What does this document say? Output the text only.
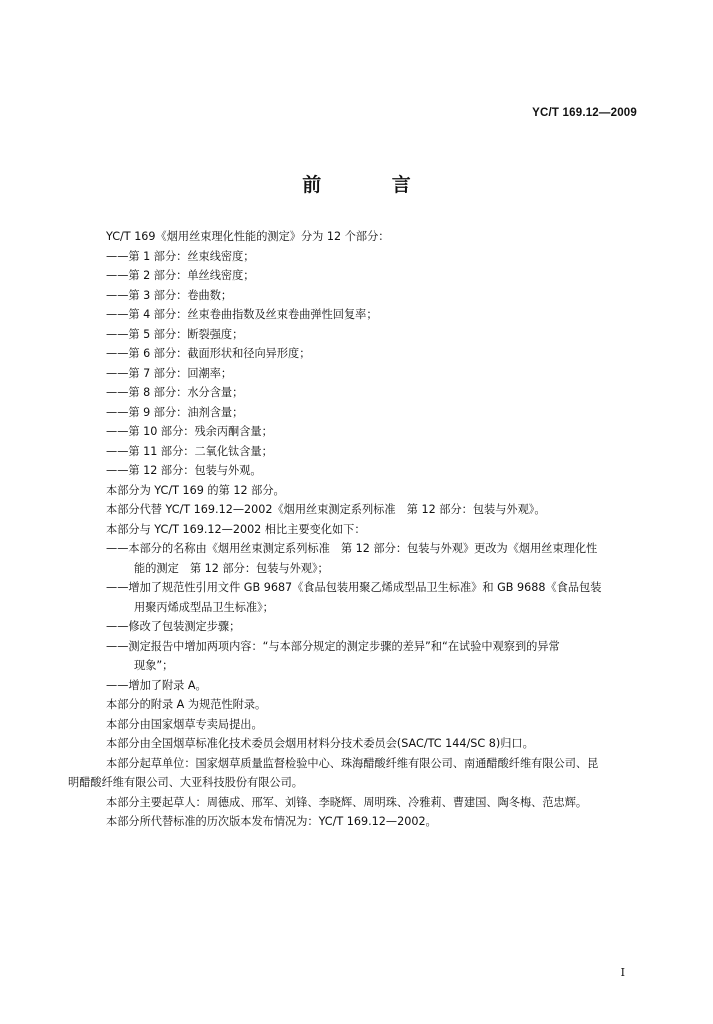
YC/T 169.12—2009
前 言
YC/T 169《烟用丝束理化性能的测定》分为 12 个部分：
——第 1 部分：丝束线密度；
——第 2 部分：单丝线密度；
——第 3 部分：卷曲数；
——第 4 部分：丝束卷曲指数及丝束卷曲弹性回复率；
——第 5 部分：断裂强度；
——第 6 部分：截面形状和径向异形度；
——第 7 部分：回潮率；
——第 8 部分：水分含量；
——第 9 部分：油剂含量；
——第 10 部分：残余丙酮含量；
——第 11 部分：二氧化钛含量；
——第 12 部分：包装与外观。
本部分为 YC/T 169 的第 12 部分。
本部分代替 YC/T 169.12—2002《烟用丝束测定系列标准　第 12 部分：包装与外观》。
本部分与 YC/T 169.12—2002 相比主要变化如下：
——本部分的名称由《烟用丝束测定系列标准　第 12 部分：包装与外观》更改为《烟用丝束理化性
能的测定　第 12 部分：包装与外观》；
——增加了规范性引用文件 GB 9687《食品包装用聚乙烯成型品卫生标准》和 GB 9688《食品包装
用聚丙烯成型品卫生标准》；
——修改了包装测定步骤；
——测定报告中增加两项内容：“与本部分规定的测定步骤的差异”和“在试验中观察到的异常
现象”；
——增加了附录 A。
本部分的附录 A 为规范性附录。
本部分由国家烟草专卖局提出。
本部分由全国烟草标准化技术委员会烟用材料分技术委员会(SAC/TC 144/SC 8)归口。
本部分起草单位：国家烟草质量监督检验中心、珠海醋酸纤维有限公司、南通醋酸纤维有限公司、昆
明醋酸纤维有限公司、大亚科技股份有限公司。
本部分主要起草人：周德成、邢军、刘锋、李晓辉、周明珠、冷雅莉、曹建国、陶冬梅、范忠辉。
本部分所代替标准的历次版本发布情况为：YC/T 169.12—2002。
I
